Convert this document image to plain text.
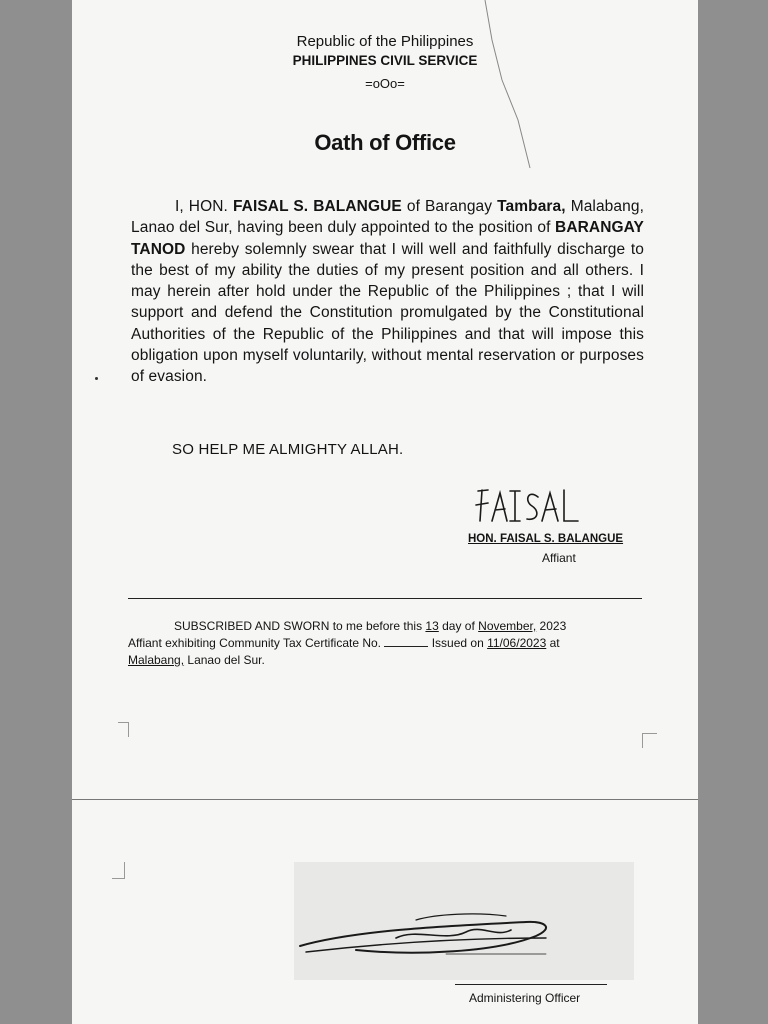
Republic of the Philippines

PHILIPPINES CIVIL SERVICE

=oOo=

Oath of Office

I, HON. FAISAL S. BALANGUE of Barangay Tambara, Malabang, Lanao del Sur, having been duly appointed to the position of BARANGAY TANOD hereby solemnly swear that I will well and faithfully discharge to the best of my ability the duties of my present position and all others. I may herein after hold under the Republic of the Philippines ; that I will support and defend the Constitution promulgated by the Constitutional Authorities of the Republic of the Philippines and that will impose this obligation upon myself voluntarily, without mental reservation or purposes of evasion.

SO HELP ME ALMIGHTY ALLAH.

HON. FAISAL S. BALANGUE

Affiant

SUBSCRIBED AND SWORN to me before this 13 day of November, 2023
Affiant exhibiting Community Tax Certificate No.	Issued on 11/06/2023 at
Malabang, Lanao del Sur.

Administering Officer
